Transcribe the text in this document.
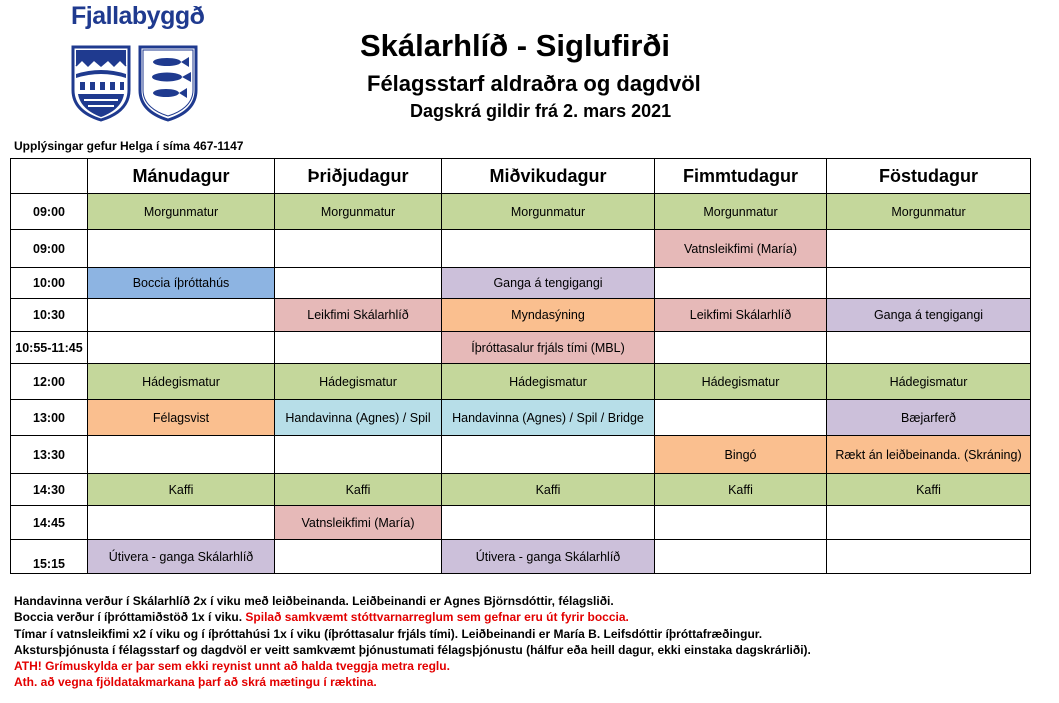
Fjallabyggð
Skálarhlíð - Siglufirði
Félagsstarf aldraðra og dagdvöl
Dagskrá gildir frá 2. mars 2021
Upplýsingar gefur Helga í síma 467-1147
	Mánudagur	Þriðjudagur	Miðvikudagur	Fimmtudagur	Föstudagur
09:00	Morgunmatur	Morgunmatur	Morgunmatur	Morgunmatur	Morgunmatur
09:00				Vatnsleikfimi (María)	
10:00	Boccia íþróttahús		Ganga á tengigangi		
10:30		Leikfimi Skálarhlíð	Myndasýning	Leikfimi Skálarhlíð	Ganga á tengigangi
10:55-11:45			Íþróttasalur frjáls tími (MBL)		
12:00	Hádegismatur	Hádegismatur	Hádegismatur	Hádegismatur	Hádegismatur
13:00	Félagsvist	Handavinna (Agnes) / Spil	Handavinna (Agnes) / Spil / Bridge		Bæjarferð
13:30				Bingó	Rækt án leiðbeinanda. (Skráning)
14:30	Kaffi	Kaffi	Kaffi	Kaffi	Kaffi
14:45		Vatnsleikfimi (María)			
15:15	Útivera - ganga Skálarhlíð		Útivera - ganga Skálarhlíð		
Handavinna verður í Skálarhlíð 2x í viku með leiðbeinanda. Leiðbeinandi er Agnes Björnsdóttir, félagsliði.
Boccia verður í íþróttamiðstöð 1x í viku. Spilað samkvæmt stóttvarnarreglum sem gefnar eru út fyrir boccia.
Tímar í vatnsleikfimi x2 í viku og í íþróttahúsi 1x í viku (íþróttasalur frjáls tími). Leiðbeinandi er María B. Leifsdóttir íþróttafræðingur.
Akstursþjónusta í félagsstarf og dagdvöl er veitt samkvæmt þjónustumati félagsþjónustu (hálfur eða heill dagur, ekki einstaka dagskrárliði).
ATH! Grímuskylda er þar sem ekki reynist unnt að halda tveggja metra reglu.
Ath. að vegna fjöldatakmarkana þarf að skrá mætingu í ræktina.
